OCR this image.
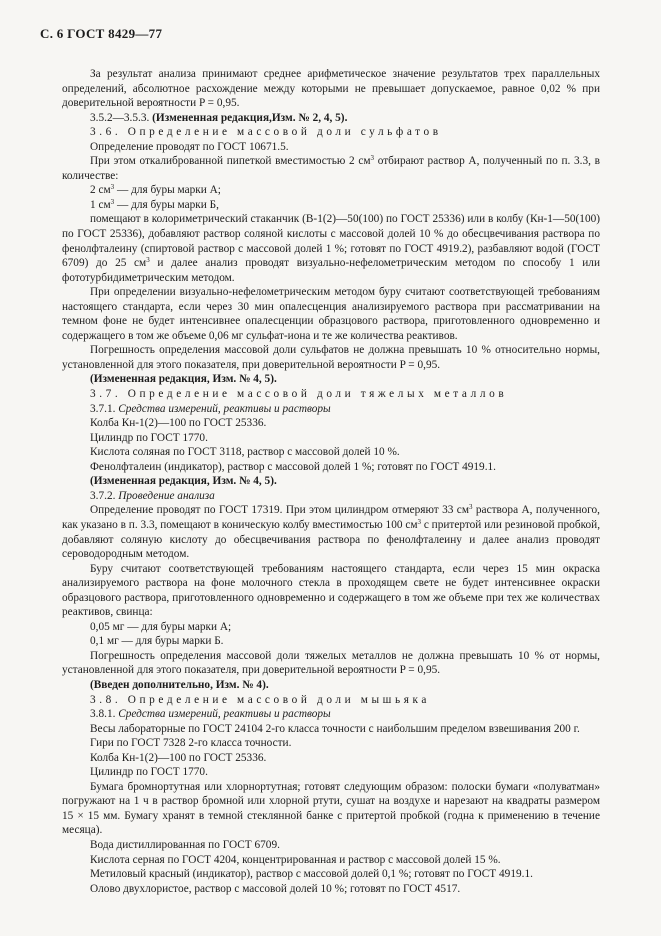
С. 6 ГОСТ 8429—77

За результат анализа принимают среднее арифметическое значение результатов трех параллельных определений, абсолютное расхождение между которыми не превышает допускаемое, равное 0,02 % при доверительной вероятности P = 0,95.

3.5.2—3.5.3. (Измененная редакция,Изм. № 2, 4, 5).

3.6. Определение массовой доли сульфатов

Определение проводят по ГОСТ 10671.5.

При этом откалиброванной пипеткой вместимостью 2 $см^3$ отбирают раствор А, полученный по п. 3.3, в количестве:

2 $см^3$ — для буры марки А;

1 $см^3$ — для буры марки Б,

помещают в колориметрический стаканчик (В-1(2)—50(100) по ГОСТ 25336) или в колбу (Кн-1—50(100) по ГОСТ 25336), добавляют раствор соляной кислоты с массовой долей 10 % до обесцвечивания раствора по фенолфталеину (спиртовой раствор с массовой долей 1 %; готовят по ГОСТ 4919.2), разбавляют водой (ГОСТ 6709) до 25 $см^3$ и далее анализ проводят визуально-нефелометрическим методом по способу 1 или фототурбидиметрическим методом.

При определении визуально-нефелометрическим методом буру считают соответствующей требованиям настоящего стандарта, если через 30 мин опалесценция анализируемого раствора при рассматривании на темном фоне не будет интенсивнее опалесценции образцового раствора, приготовленного одновременно и содержащего в том же объеме 0,06 мг сульфат-иона и те же количества реактивов.

Погрешность определения массовой доли сульфатов не должна превышать 10 % относительно нормы, установленной для этого показателя, при доверительной вероятности P = 0,95.

(Измененная редакция, Изм. № 4, 5).

3.7. Определение массовой доли тяжелых металлов

3.7.1. Средства измерений, реактивы и растворы

Колба Кн-1(2)—100 по ГОСТ 25336.

Цилиндр по ГОСТ 1770.

Кислота соляная по ГОСТ 3118, раствор с массовой долей 10 %.

Фенолфталеин (индикатор), раствор с массовой долей 1 %; готовят по ГОСТ 4919.1.

(Измененная редакция, Изм. № 4, 5).

3.7.2. Проведение анализа

Определение проводят по ГОСТ 17319. При этом цилиндром отмеряют 33 $см^3$ раствора А, полученного, как указано в п. 3.3, помещают в коническую колбу вместимостью 100 $см^3$ с притертой или резиновой пробкой, добавляют соляную кислоту до обесцвечивания раствора по фенолфталеину и далее анализ проводят сероводородным методом.

Буру считают соответствующей требованиям настоящего стандарта, если через 15 мин окраска анализируемого раствора на фоне молочного стекла в проходящем свете не будет интенсивнее окраски образцового раствора, приготовленного одновременно и содержащего в том же объеме при тех же количествах реактивов, свинца:

0,05 мг — для буры марки А;

0,1 мг — для буры марки Б.

Погрешность определения массовой доли тяжелых металлов не должна превышать 10 % от нормы, установленной для этого показателя, при доверительной вероятности P = 0,95.

(Введен дополнительно, Изм. № 4).

3.8. Определение массовой доли мышьяка

3.8.1. Средства измерений, реактивы и растворы

Весы лабораторные по ГОСТ 24104 2-го класса точности с наибольшим пределом взвешивания 200 г.

Гири по ГОСТ 7328 2-го класса точности.

Колба Кн-1(2)—100 по ГОСТ 25336.

Цилиндр по ГОСТ 1770.

Бумага бромнортутная или хлорнортутная; готовят следующим образом: полоски бумаги «полуватман» погружают на 1 ч в раствор бромной или хлорной ртути, сушат на воздухе и нарезают на квадраты размером 15 × 15 мм. Бумагу хранят в темной стеклянной банке с притертой пробкой (годна к применению в течение месяца).

Вода дистиллированная по ГОСТ 6709.

Кислота серная по ГОСТ 4204, концентрированная и раствор с массовой долей 15 %.

Метиловый красный (индикатор), раствор с массовой долей 0,1 %; готовят по ГОСТ 4919.1.

Олово двухлористое, раствор с массовой долей 10 %; готовят по ГОСТ 4517.
